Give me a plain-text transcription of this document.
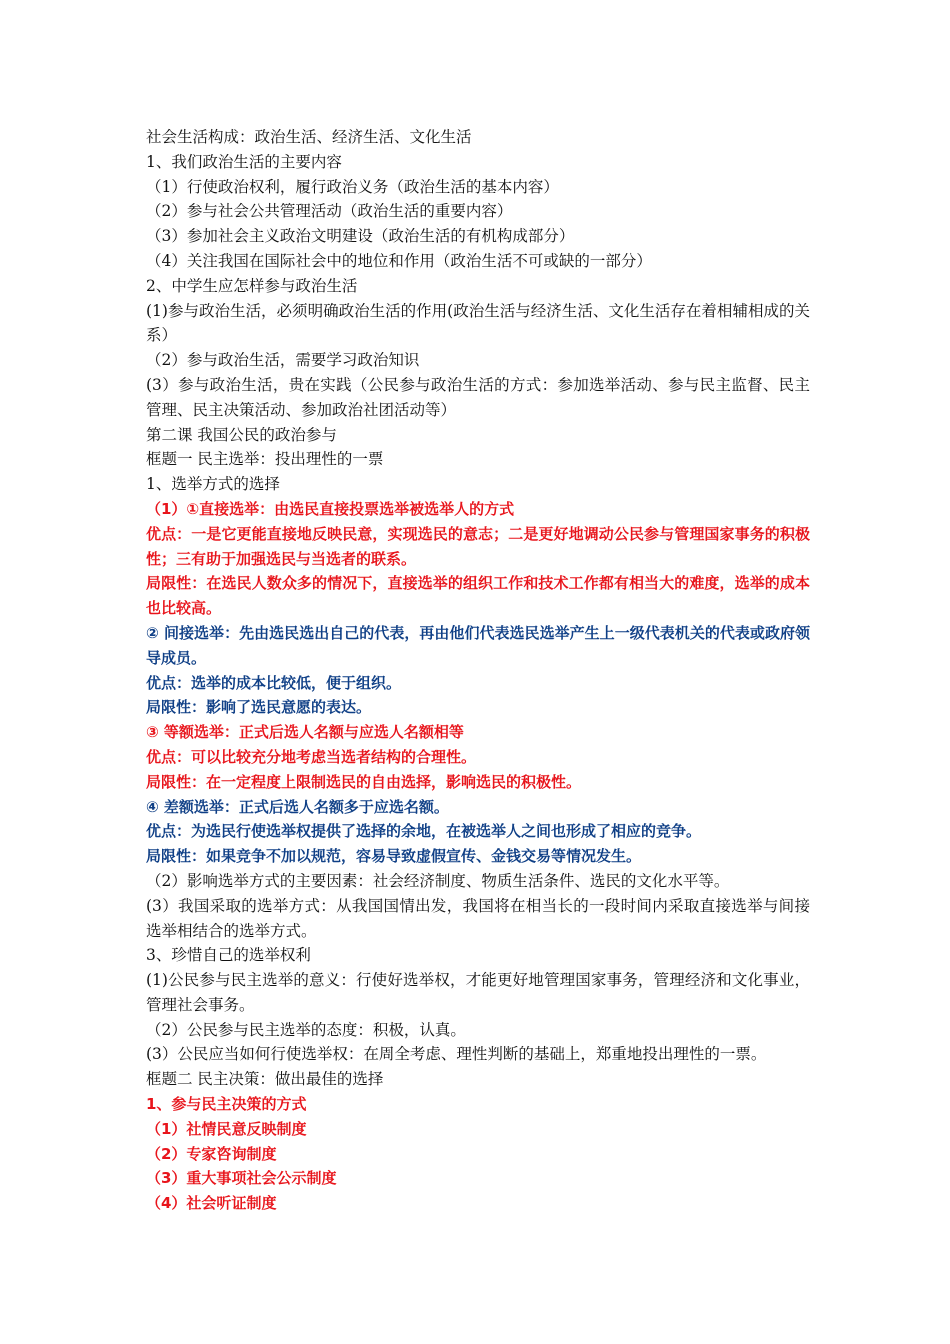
社会生活构成：政治生活、经济生活、文化生活
1、我们政治生活的主要内容
（1）行使政治权利，履行政治义务（政治生活的基本内容）
（2）参与社会公共管理活动（政治生活的重要内容）
（3）参加社会主义政治文明建设（政治生活的有机构成部分）
（4）关注我国在国际社会中的地位和作用（政治生活不可或缺的一部分）
2、中学生应怎样参与政治生活
(1)参与政治生活，必须明确政治生活的作用(政治生活与经济生活、文化生活存在着相辅相成的关系）
（2）参与政治生活，需要学习政治知识
(3）参与政治生活，贵在实践（公民参与政治生活的方式：参加选举活动、参与民主监督、民主管理、民主决策活动、参加政治社团活动等）
第二课 我国公民的政治参与
框题一 民主选举：投出理性的一票
1、选举方式的选择
（1）①直接选举：由选民直接投票选举被选举人的方式
优点：一是它更能直接地反映民意，实现选民的意志；二是更好地调动公民参与管理国家事务的积极性；三有助于加强选民与当选者的联系。
局限性：在选民人数众多的情况下，直接选举的组织工作和技术工作都有相当大的难度，选举的成本也比较高。
② 间接选举：先由选民选出自己的代表，再由他们代表选民选举产生上一级代表机关的代表或政府领导成员。
优点：选举的成本比较低，便于组织。
局限性：影响了选民意愿的表达。
③ 等额选举：正式后选人名额与应选人名额相等
优点：可以比较充分地考虑当选者结构的合理性。
局限性：在一定程度上限制选民的自由选择，影响选民的积极性。
④ 差额选举：正式后选人名额多于应选名额。
优点：为选民行使选举权提供了选择的余地，在被选举人之间也形成了相应的竞争。
局限性：如果竞争不加以规范，容易导致虚假宣传、金钱交易等情况发生。
（2）影响选举方式的主要因素：社会经济制度、物质生活条件、选民的文化水平等。
(3）我国采取的选举方式：从我国国情出发，我国将在相当长的一段时间内采取直接选举与间接选举相结合的选举方式。
3、珍惜自己的选举权利
(1)公民参与民主选举的意义：行使好选举权，才能更好地管理国家事务，管理经济和文化事业，管理社会事务。
（2）公民参与民主选举的态度：积极，认真。
(3）公民应当如何行使选举权：在周全考虑、理性判断的基础上，郑重地投出理性的一票。
框题二 民主决策：做出最佳的选择
1、参与民主决策的方式
（1）社情民意反映制度
（2）专家咨询制度
（3）重大事项社会公示制度
（4）社会听证制度
